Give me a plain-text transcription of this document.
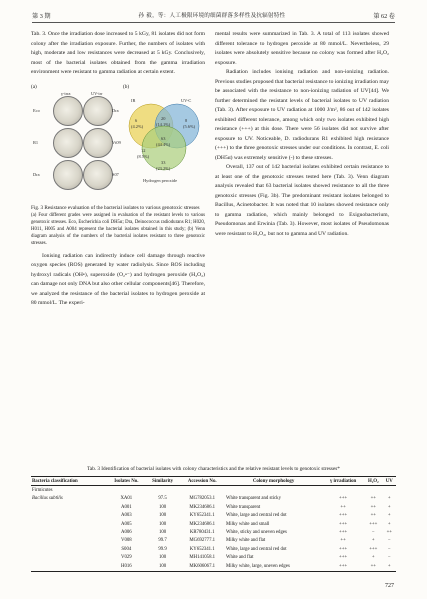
第 3 期	孙 毅，等：人工极限环境的细菌群落多样性及抗辐射特性	第 62 卷

Tab. 3. Once the irradiation dose increased to 5 kGy, 81 isolates did not form colony after the irradiation exposure. Further, the numbers of isolates with high, moderate and low resistances were decreased at 5 kGy. Conclusively, most of the bacterial isolates obtained from the gamma irradiation environment were resistant to gamma radiation at certain extent.

(a)
γ-irra	UV-irr
Eco	Dra
R1	Vt09
Dra	S07
(b)
IR	UV-C
6
(4.2%)
20
(14.1%)
63
(44.4%)
8
(5.6%)
12
(8.5%)
33
(23.2%)
Hydrogen peroxide
Fig. 3 Resistance evaluation of the bacterial isolates to various genotoxic stresses
(a) Four different grades were assigned in evaluation of the resistant levels to various genotoxic stresses. Eco, Escherichia coli DH5α; Dra, Deinococcus radiodurans R1; H020, H011, H005 and A004 represent the bacterial isolates obtained in this study; (b) Venn diagram analysis of the numbers of the bacterial isolates resistant to three genotoxic stresses.

Ionising radiation can indirectly induce cell damage through reactive oxygen species (ROS) generated by water radiolysis. Since ROS including hydroxyl radicals (OH•), superoxide (O₂•⁻) and hydrogen peroxide (H₂O₂) can damage not only DNA but also other cellular components[46]. Therefore, we analyzed the resistance of the bacterial isolates to hydrogen peroxide at 80 mmol/L. The experi-

mental results were summarized in Tab. 3. A total of 113 isolates showed different tolerance to hydrogen peroxide at 80 mmol/L. Nevertheless, 29 isolates were absolutely sensitive because no colony was formed after H₂O₂ exposure.

Radiation includes ionising radiation and non-ionizing radiation. Previous studies proposed that bacterial resistance to ionizing irradiation may be associated with the resistance to non-ionizing radiation of UV[44]. We further determined the resistant levels of bacterial isolates to UV radiation (Tab. 3). After exposure to UV radiation at 1000 J/m², 86 out of 142 isolates exhibited different tolerance, among which only two isolates exhibited high resistance (+++) at this dose. There were 56 isolates did not survive after exposure to UV. Noticeable, D. radiodurans R1 exhibited high resistance (+++) to the three genotoxic stresses under our conditions. In contrast, E. coli (DH5α) was extremely sensitive (-) to these stresses.

Overall, 137 out of 142 bacterial isolates exhibited certain resistance to at least one of the genotoxic stresses tested here (Tab. 3). Venn diagram analysis revealed that 63 bacterial isolates showed resistance to all the three genotoxic stresses (Fig. 3b). The predominant resistant isolates belonged to Bacillus, Acinetobacter. It was noted that 10 isolates showed resistance only to gamma radiation, which mainly belonged to Exiguobacterium, Pseudomonas and Erwinia (Tab. 3). However, most isolates of Pseudomonas were resistant to H₂O₂, but not to gamma and UV radiation.

Tab. 3 Identification of bacterial isolates with colony characteristics and the relative resistant levels to genotoxic stresses*
Bacteria classification	Isolates No.	Similarity	Accession No.	Colony morphology	γ irradiation	H₂O₂	UV
Firmicutes							
Bacillus subtilis	XA01	97.5	MG782053.1	White transparent and sticky	+++	++	+
	A001	100	MK234686.1	White transparent	++	++	+
	A003	100	KY652341.1	White, large and central red dot	+++	++	+
	A005	100	MK234686.1	Milky white and small	+++	+++	+
	A006	100	KR780431.1	White, sticky and uneven edges	+++	−	++
	V008	99.7	MG692777.1	Milky white and flat	++	+	−
	S004	99.9	KY652341.1	White, large and central red dot	+++	+++	−
	V029	100	MH141058.1	White and flat	+++	+	−
	H016	100	MK606067.1	Milky white, large, uneven edges	+++	++	+
727
